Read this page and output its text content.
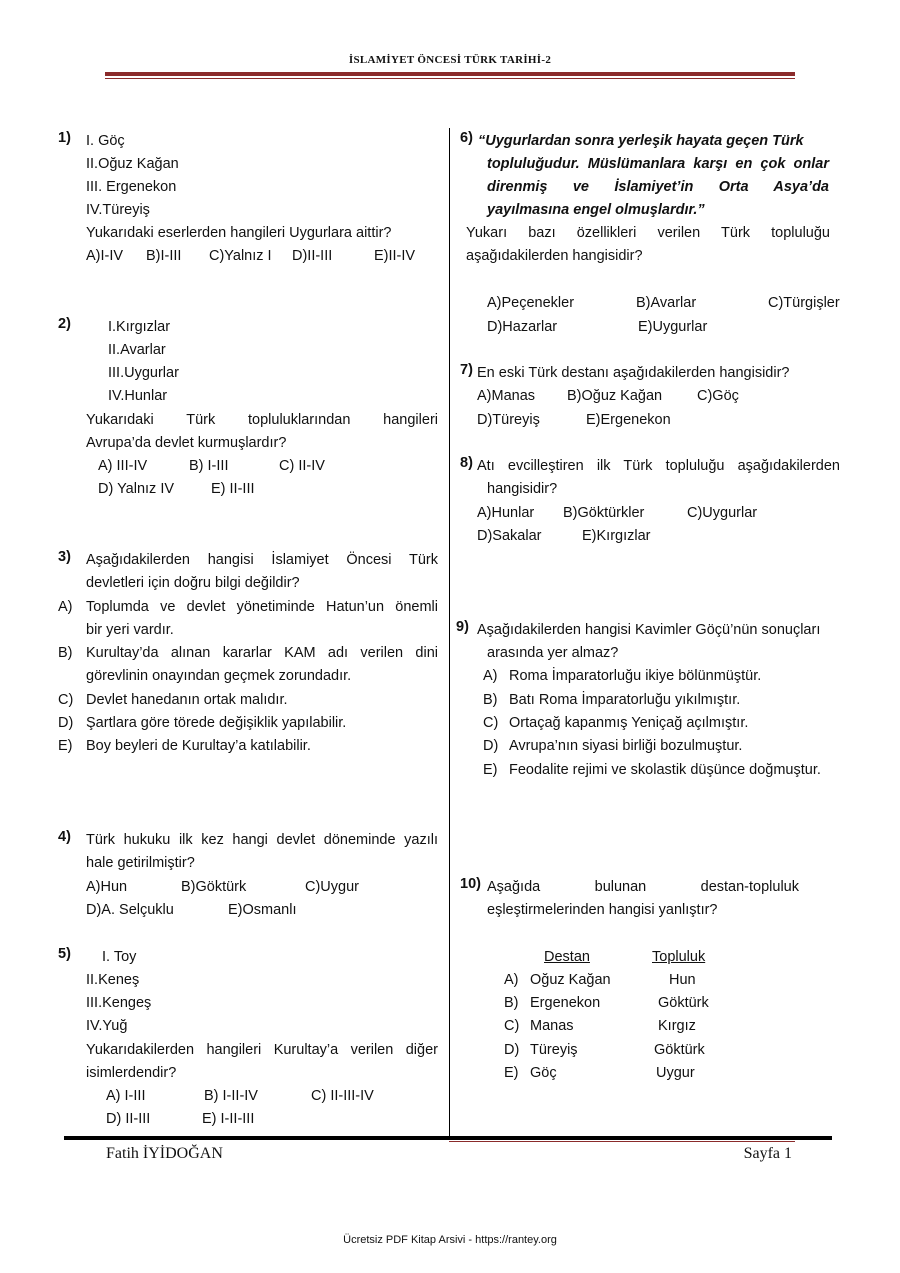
İSLAMİYET ÖNCESİ TÜRK TARİHİ-2
1) I. Göç
II.Oğuz Kağan
III. Ergenekon
IV.Türeyiş
Yukarıdaki eserlerden hangileri Uygurlara aittir?
A)I-IV B)I-III C)Yalnız I D)II-III	E)II-IV
2)	I.Kırgızlar
II.Avarlar
III.Uygurlar
IV.Hunlar
Yukarıdaki Türk topluluklarından hangileri
Avrupa’da devlet kurmuşlardır?
A) III-IV	B) I-III	C) II-IV
D) Yalnız IV	E) II-III
3) Aşağıdakilerden hangisi İslamiyet Öncesi Türk
devletleri için doğru bilgi değildir?
A) Toplumda ve devlet yönetiminde Hatun’un önemli
bir yeri vardır.
B) Kurultay’da alınan kararlar KAM adı verilen dini
görevlinin onayından geçmek zorundadır.
C) Devlet hanedanın ortak malıdır.
D) Şartlara göre törede değişiklik yapılabilir.
E) Boy beyleri de Kurultay’a katılabilir.
4) Türk hukuku ilk kez hangi devlet döneminde yazılı
hale getirilmiştir?
A)Hun	B)Göktürk	C)Uygur
D)A. Selçuklu	E)Osmanlı
5) I. Toy
II.Keneş
III.Kengeş
IV.Yuğ
Yukarıdakilerden hangileri Kurultay’a verilen diğer
isimlerdendir?
A) I-III	B) I-II-IV	C) II-III-IV
D) II-III	E) I-II-III
6) “Uygurlardan sonra yerleşik hayata geçen Türk
topluluğudur. Müslümanlara karşı en çok onlar
direnmiş ve İslamiyet’in Orta Asya’da
yayılmasına engel olmuşlardır.”
Yukarı bazı özellikleri verilen Türk topluluğu
aşağıdakilerden hangisidir?
A)Peçenekler	B)Avarlar	C)Türgişler
D)Hazarlar	E)Uygurlar
7) En eski Türk destanı aşağıdakilerden hangisidir?
A)Manas B)Oğuz Kağan C)Göç
D)Türeyiş	E)Ergenekon
8) Atı evcilleştiren ilk Türk topluluğu aşağıdakilerden
hangisidir?
A)Hunlar B)Göktürkler	C)Uygurlar
D)Sakalar	E)Kırgızlar
9) Aşağıdakilerden hangisi Kavimler Göçü’nün sonuçları
arasında yer almaz?
A) Roma İmparatorluğu ikiye bölünmüştür.
B) Batı Roma İmparatorluğu yıkılmıştır.
C) Ortaçağ kapanmış Yeniçağ açılmıştır.
D) Avrupa’nın siyasi birliği bozulmuştur.
E) Feodalite rejimi ve skolastik düşünce doğmuştur.
10) Aşağıda bulunan destan-topluluk
eşleştirmelerinden hangisi yanlıştır?
Destan	Topluluk
A) Oğuz Kağan	Hun
B) Ergenekon	Göktürk
C) Manas	Kırgız
D) Türeyiş	Göktürk
E) Göç	Uygur
Fatih İYİDOĞAN	Sayfa 1
Ücretsiz PDF Kitap Arsivi - https://rantey.org
